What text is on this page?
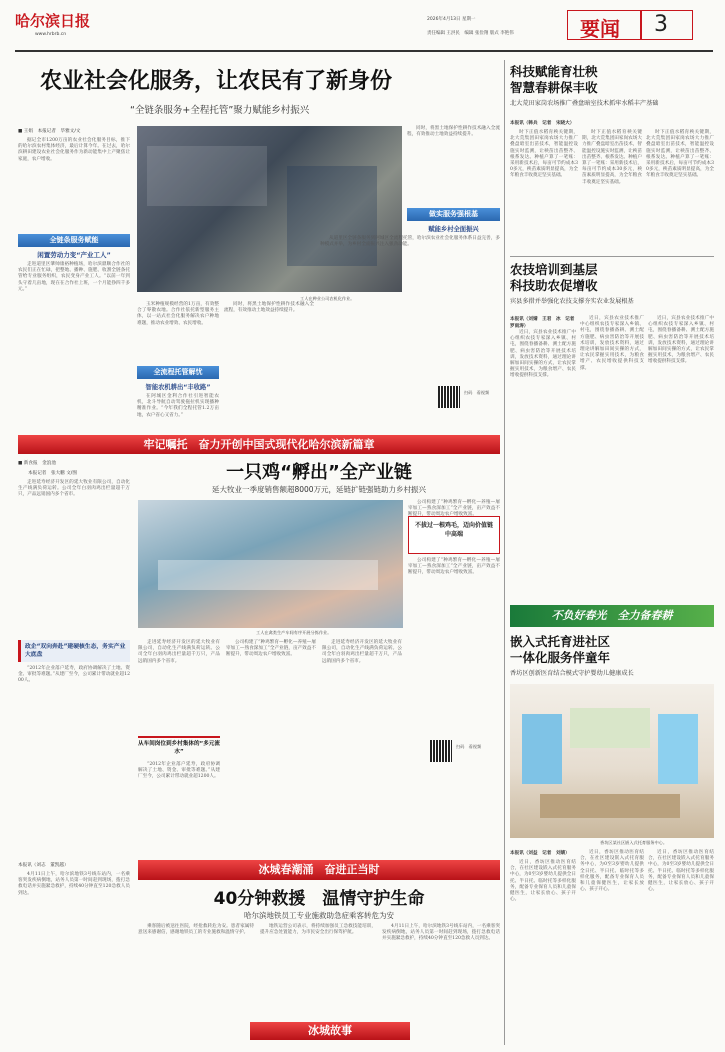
哈尔滨日报
www.hrbrb.cn
2026年4月13日 星期一
责任编辑 王洪民　编辑 张俭翔 版式 李艳伟	要闻 3
农业社会化服务，让农民有了新身份
“全链条服务+全程托管”聚力赋能乡村振兴
■ 王娟　本报记者　毕雅文/文

据记全市1200万亩的农业社会化服务目标，推下的哈尔滨农村集体经济，最后计算今年。在过去，哈尔滨耕田建设农业社会化服务作为新动能集中上产聚焦让家庭，农户增收。

全链条服务赋能
闲置劳动力变“产业工人”

走进道里区肇帅康裕种植场，哈尔滨鼎顺合作社的农民们正在忙碌，把整地、播种、施肥、收割全链条托管给专业服务组织，农民变身产业工人。“以前一年到头守着几亩地，现在在合作社上班，一个月能挣四千多元。”

工人在种业公司农机化作业。

玉米种植规模经营的1万亩，有效整合了零散农地。合作社依托新型服务主体，以一站式社会化服务解决农户种地难题，推动农业增效、农民增收。

全流程托管解忧
智能农机耕出“丰收路”

在阿城区金利合作社引进智能农机，北斗导航自动驾驶拖拉机实现播种精准作业。“今年我们全程托管1.2万亩地，农户省心又省力。”

同时，将黑土地保护性耕作技术融入全流程，有效推动土地效益持续提升。

同时，将黑土地保护性耕作技术融入全流程，有效推动土地效益持续提升。

做实服务强根基
赋能乡村全面振兴

从道里区全链条服务到阿城区全流程托管，哈尔滨农业社会化服务体系日益完善，多种模式并举，为乡村全面振兴注入强劲动能。

扫码　看视频
牢记嘱托　奋力开创中国式现代化哈尔滨新篇章
一只鸡“孵出”全产业链
延大牧业一季度销售额超8000万元，延链扩链强链助力乡村振兴
■ 新食报　金浪池
本报记者　张大鹏 文/图

走进延寿经济开发区的延大牧业有限公司，自动化生产线满负荷运转。公司全年白羽肉鸡出栏量超千万只，产品远销国内多个省市。

政企“双向奔赴”建硬核生态，务实产业大底盘

“2012年企业落户延寿，政府协调解决了土地、资金、审批等难题。”从建厂至今，公司累计带动就业超1200人。

工人在禽类生产车间有序开展分拣作业。
不拔过一根鸡毛，迈向价值链中高端

公司构建了“种鸡繁育—孵化—养殖—屠宰加工—熟食深加工”全产业链，亩产效益不断提升，带动周边农户增收致富。

公司构建了“种鸡繁育—孵化—养殖—屠宰加工—熟食深加工”全产业链，亩产效益不断提升，带动周边农户增收致富。

走进延寿经济开发区的延大牧业有限公司，自动化生产线满负荷运转。公司全年白羽肉鸡出栏量超千万只，产品远销国内多个省市。

从车间岗位到乡村集体的“多元流水”

“2012年企业落户延寿，政府协调解决了土地、资金、审批等难题。”从建厂至今，公司累计带动就业超1200人。

公司构建了“种鸡繁育—孵化—养殖—屠宰加工—熟食深加工”全产业链，亩产效益不断提升，带动周边农户增收致富。

走进延寿经济开发区的延大牧业有限公司，自动化生产线满负荷运转。公司全年白羽肉鸡出栏量超千万只，产品远销国内多个省市。

扫码　看视频
冰城春潮涌　奋进正当时
40分钟救援　温情守护生命
哈尔滨地铁员工专业施救助急症乘客转危为安
本报讯（刘志　董凯越）

4月11日上午，哈尔滨地铁3号线车站内，一名乘客突发疾病倒地，站务人员第一时间赶到现场，拨打急救电话并实施紧急救护，持续40分钟直至120急救人员到达。

乘客随后被送往医院，经抢救转危为安。患者家属特意送来感谢信，感谢地铁员工的专业施救和温情守护。

地铁运营公司表示，将持续加强员工急救技能培训，提升应急处置能力，为市民安全出行保驾护航。

4月11日上午，哈尔滨地铁3号线车站内，一名乘客突发疾病倒地，站务人员第一时间赶到现场，拨打急救电话并实施紧急救护，持续40分钟直至120急救人员到达。

冰城故事
科技赋能育壮秧
智慧春耕保丰收
北大荒田家岗农场推广叠盘暗室技术抓牢水稻丰产基础
本报讯（韩兵　记者　宋晓大）

时下正值水稻育秧关键期，北大荒集团田家岗农场大力推广叠盘暗室出苗技术，智能温控设施实时监测，让秧苗出苗整齐、根系发达。种植户算了一笔账：采用新技术后，每亩可节约成本30多元，秧苗素质明显提高，为全年粮食丰收奠定坚实基础。

时下正值水稻育秧关键期，北大荒集团田家岗农场大力推广叠盘暗室出苗技术，智能温控设施实时监测，让秧苗出苗整齐、根系发达。种植户算了一笔账：采用新技术后，每亩可节约成本30多元，秧苗素质明显提高，为全年粮食丰收奠定坚实基础。

时下正值水稻育秧关键期，北大荒集团田家岗农场大力推广叠盘暗室出苗技术，智能温控设施实时监测，让秧苗出苗整齐、根系发达。种植户算了一笔账：采用新技术后，每亩可节约成本30多元，秧苗素质明显提高，为全年粮食丰收奠定坚实基础。

农技培训到基层
科技助农促增收
宾县多措并举强化农技支撑夯实农业发展根基
本报讯（刘婧　王君　冰　记者　罗雨涛）

近日，宾县农业技术推广中心组织农技专家深入乡镇、村屯，围绕春播备耕、测土配方施肥、病虫害防治等开展技术培训，发放技术资料，通过理论讲解加田间实操的方式，让农民掌握实用技术，为粮食增产、农民增收提供科技支撑。

近日，宾县农业技术推广中心组织农技专家深入乡镇、村屯，围绕春播备耕、测土配方施肥、病虫害防治等开展技术培训，发放技术资料，通过理论讲解加田间实操的方式，让农民掌握实用技术，为粮食增产、农民增收提供科技支撑。

近日，宾县农业技术推广中心组织农技专家深入乡镇、村屯，围绕春播备耕、测土配方施肥、病虫害防治等开展技术培训，发放技术资料，通过理论讲解加田间实操的方式，让农民掌握实用技术，为粮食增产、农民增收提供科技支撑。

不负好春光　全力备春耕
嵌入式托育进社区
一体化服务伴童年
香坊区创新医育结合模式守护婴幼儿健康成长
香坊区某社区嵌入式托育服务中心。
本报讯（刘益　记者　刘婧）

近日，香坊区推动医育结合，在社区建设嵌入式托育服务中心，为0至3岁婴幼儿提供全日托、半日托、临时托等多样化服务，配备专业保育人员和儿童保健医生，让家长放心、孩子开心。

近日，香坊区推动医育结合，在社区建设嵌入式托育服务中心，为0至3岁婴幼儿提供全日托、半日托、临时托等多样化服务，配备专业保育人员和儿童保健医生，让家长放心、孩子开心。

近日，香坊区推动医育结合，在社区建设嵌入式托育服务中心，为0至3岁婴幼儿提供全日托、半日托、临时托等多样化服务，配备专业保育人员和儿童保健医生，让家长放心、孩子开心。
